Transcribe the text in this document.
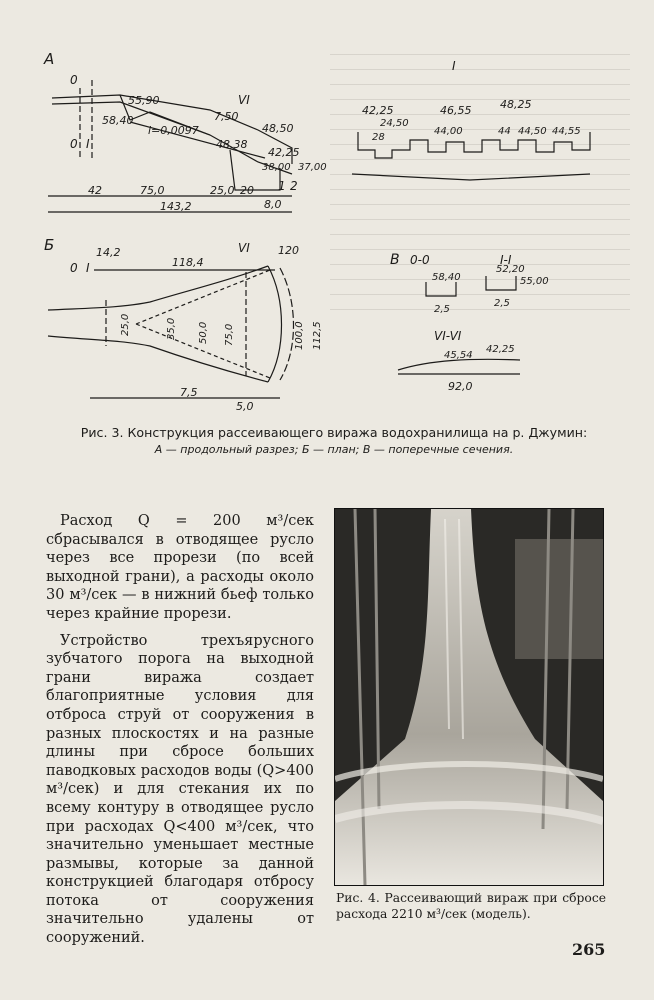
А
0
0 I
55,90
58,40
i=0,0097
7,50
VI
48,38
48,50
42,25
38,00 37,00
2
42	75,0	25,0 20
8,0
143,2
1
I
42,25	46,55	48,25
44,00	44 44,50 44,55
28
24,50
Б
0 I
14,2
118,4
VI	120
25,0	35,0 50,0 75,0	100,0 112,5
7,5
5,0
В 0-0	I-I
58,40
52,20
55,00
2,5
2,5
VI-VI
45,54
42,25
92,0
Рис. 3. Конструкция рассеивающего виража водохранилища на р. Джумин:
А — продольный разрез; Б — план; В — поперечные сечения.

Расход Q = 200 м³/сек сбрасывался в отводящее русло через все прорези (по всей выходной грани), а расходы около 30 м³/сек — в нижний бьеф только через крайние прорези.

Устройство трехъярусного зубчатого порога на выходной грани виража создает благоприятные условия для отброса струй от сооружения в разных плоскостях и на разные длины при сбросе больших паводковых расходов воды (Q>400 м³/сек) и для стекания их по всему контуру в отводящее русло при расходах Q<400 м³/сек, что значительно уменьшает местные размывы, которые за данной конструкцией благодаря отбросу потока от сооружения значительно удалены от сооружений.

Рис. 4. Рассеивающий вираж при сбросе расхода 2210 м³/сек (модель).
265
